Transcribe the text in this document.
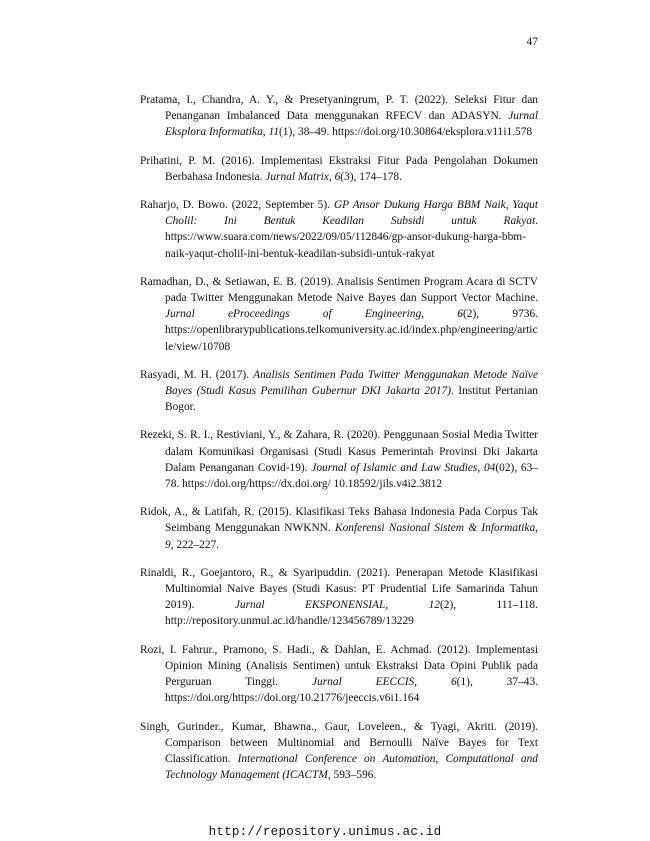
47

Pratama, I., Chandra, A. Y., & Presetyaningrum, P. T. (2022). Seleksi Fitur dan Penanganan Imbalanced Data menggunakan RFECV dan ADASYN. Jurnal Eksplora Informatika, 11(1), 38–49. https://doi.org/10.30864/eksplora.v11i1.578

Prihatini, P. M. (2016). Implementasi Ekstraksi Fitur Pada Pengolahan Dokumen Berbahasa Indonesia. Jurnal Matrix, 6(3), 174–178.

Raharjo, D. Bowo. (2022, September 5). GP Ansor Dukung Harga BBM Naik, Yaqut Cholil: Ini Bentuk Keadilan Subsidi untuk Rakyat. https://www.suara.com/news/2022/09/05/112846/gp-ansor-dukung-harga-bbm-naik-yaqut-cholil-ini-bentuk-keadilan-subsidi-untuk-rakyat

Ramadhan, D., & Setiawan, E. B. (2019). Analisis Sentimen Program Acara di SCTV pada Twitter Menggunakan Metode Naive Bayes dan Support Vector Machine. Jurnal eProceedings of Engineering, 6(2), 9736. https://openlibrarypublications.telkomuniversity.ac.id/index.php/engineering/article/view/10708

Rasyadi, M. H. (2017). Analisis Sentimen Pada Twitter Menggunakan Metode Naïve Bayes (Studi Kasus Pemilihan Gubernur DKI Jakarta 2017). Institut Pertanian Bogor.

Rezeki, S. R. I., Restiviani, Y., & Zahara, R. (2020). Penggunaan Sosial Media Twitter dalam Komunikasi Organisasi (Studi Kasus Pemerintah Provinsi Dki Jakarta Dalam Penanganan Covid-19). Journal of Islamic and Law Studies, 04(02), 63–78. https://doi.org/https://dx.doi.org/ 10.18592/jils.v4i2.3812

Ridok, A., & Latifah, R. (2015). Klasifikasi Teks Bahasa Indonesia Pada Corpus Tak Seimbang Menggunakan NWKNN. Konferensi Nasional Sistem & Informatika, 9, 222–227.

Rinaldi, R., Goejantoro, R., & Syaripuddin. (2021). Penerapan Metode Klasifikasi Multinomial Naive Bayes (Studi Kasus: PT Prudential Life Samarinda Tahun 2019). Jurnal EKSPONENSIAL, 12(2), 111–118. http://repository.unmul.ac.id/handle/123456789/13229

Rozi, I. Fahrur., Pramono, S. Hadi., & Dahlan, E. Achmad. (2012). Implementasi Opinion Mining (Analisis Sentimen) untuk Ekstraksi Data Opini Publik pada Perguruan Tinggi. Jurnal EECCIS, 6(1), 37–43. https://doi.org/https://doi.org/10.21776/jeeccis.v6i1.164

Singh, Gurinder., Kumar, Bhawna., Gaur, Loveleen., & Tyagi, Akriti. (2019). Comparison between Multinomial and Bernoulli Naïve Bayes for Text Classification. International Conference on Automation, Computational and Technology Management (ICACTM, 593–596.

http://repository.unimus.ac.id
